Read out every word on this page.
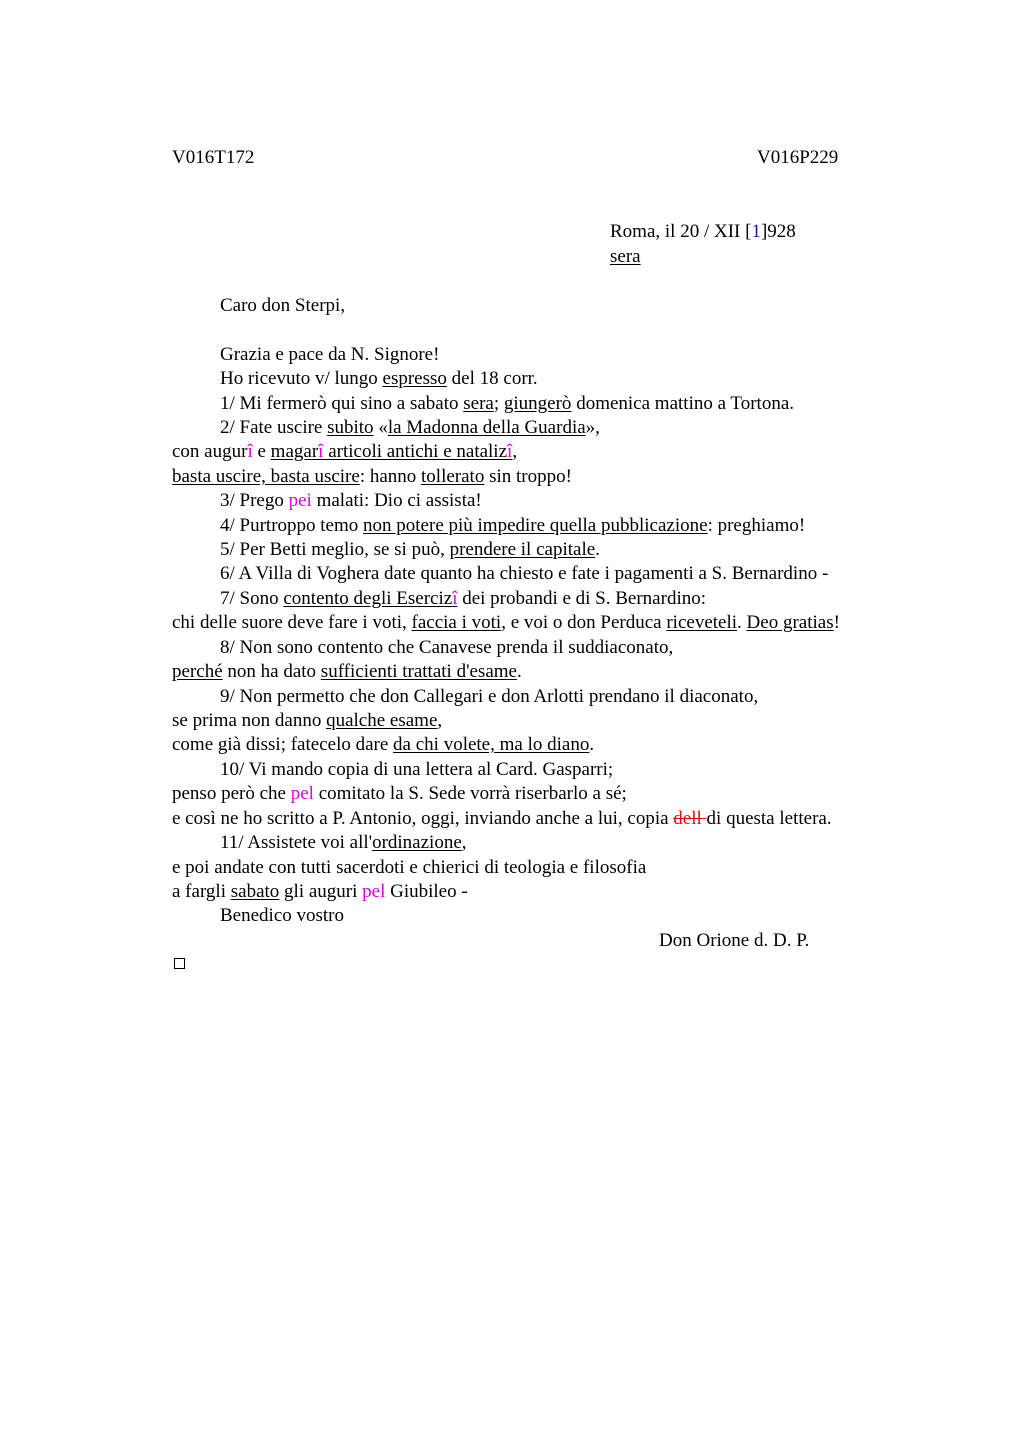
V016T172	V016P229
Roma, il 20 / XII [1]928
sera
Caro don Sterpi,
Grazia e pace da N. Signore!
Ho ricevuto v/ lungo espresso del 18 corr.
1/ Mi fermerò qui sino a sabato sera; giungerò domenica mattino a Tortona.
2/ Fate uscire subito «la Madonna della Guardia»,
con augurî e magarî articoli antichi e natalizî,
basta uscire, basta uscire: hanno tollerato sin troppo!
3/ Prego pei malati: Dio ci assista!
4/ Purtroppo temo non potere più impedire quella pubblicazione: preghiamo!
5/ Per Betti meglio, se si può, prendere il capitale.
6/ A Villa di Voghera date quanto ha chiesto e fate i pagamenti a S. Bernardino -
7/ Sono contento degli Esercizî dei probandi e di S. Bernardino:
chi delle suore deve fare i voti, faccia i voti, e voi o don Perduca riceveteli. Deo gratias!
8/ Non sono contento che Canavese prenda il suddiaconato,
perché non ha dato sufficienti trattati d'esame.
9/ Non permetto che don Callegari e don Arlotti prendano il diaconato,
se prima non danno qualche esame,
come già dissi; fatecelo dare da chi volete, ma lo diano.
10/ Vi mando copia di una lettera al Card. Gasparri;
penso però che pel comitato la S. Sede vorrà riserbarlo a sé;
e così ne ho scritto a P. Antonio, oggi, inviando anche a lui, copia dell di questa lettera.
11/ Assistete voi all'ordinazione,
e poi andate con tutti sacerdoti e chierici di teologia e filosofia
a fargli sabato gli auguri pel Giubileo -
Benedico vostro
Don Orione d. D. P.
